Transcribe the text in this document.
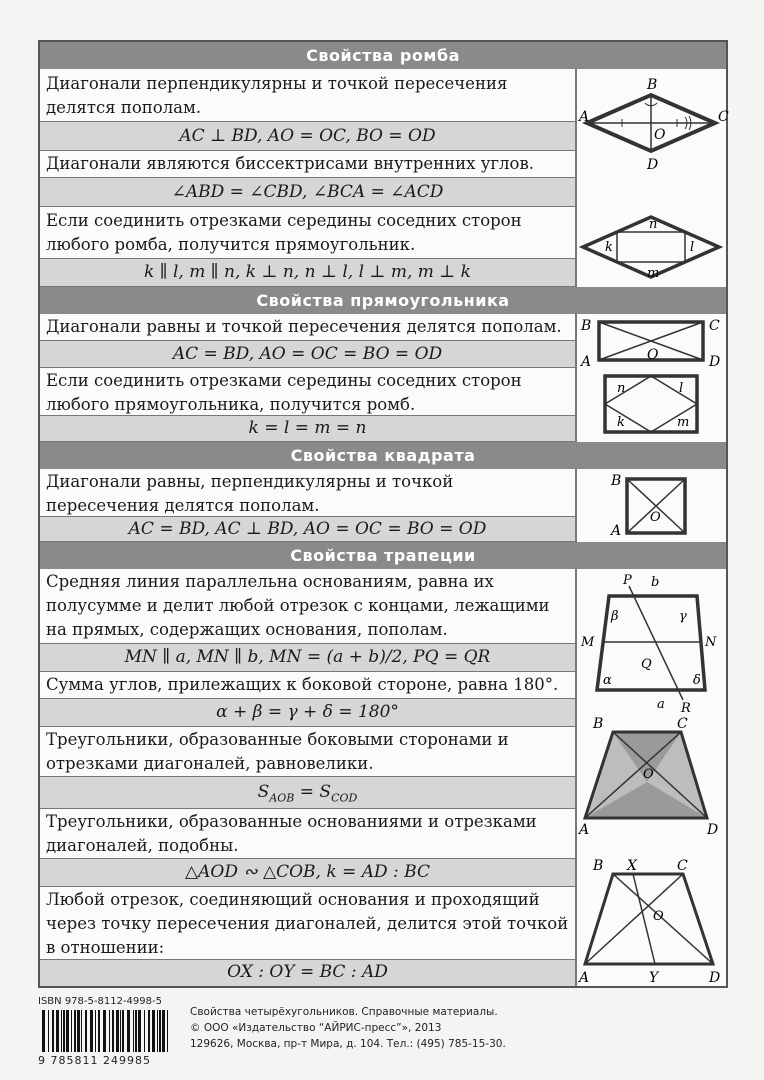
Свойства ромба
Диагонали перпендикулярны и точкой пересечения делятся пополам.
AC ⊥ BD, AO = OC, BO = OD
Диагонали являются биссектрисами внутренних углов.
∠ABD = ∠CBD, ∠BCA = ∠ACD
Если соединить отрезками середины соседних сторон любого ромба, получится прямоугольник.
k ∥ l, m ∥ n, k ⊥ n, n ⊥ l, l ⊥ m, m ⊥ k
A
B
C
D
O
n
k	l
m
Свойства прямоугольника
Диагонали равны и точкой пересечения делятся пополам.
AC = BD, AO = OC = BO = OD
Если соединить отрезками середины соседних сторон любого прямоугольника, получится ромб.
k = l = m = n
B	C
A	D
O
n	l
k	m
Свойства квадрата
Диагонали равны, перпендикулярны и точкой пересечения делятся пополам.
AC = BD, AC ⊥ BD, AO = OC = BO = OD
B
A
O
Свойства трапеции
Средняя линия параллельна основаниям, равна их полусумме и делит любой отрезок с концами, лежащими на прямых, содержащих основания, пополам.
MN ∥ a, MN ∥ b, MN = (a + b)/2, PQ = QR
Сумма углов, прилежащих к боковой стороне, равна 180°.
α + β = γ + δ = 180°
Треугольники, образованные боковыми сторонами и отрезками диагоналей, равновелики.
$S_{AOB} = S_{COD}$
Треугольники, образованные основаниями и отрезками диагоналей, подобны.
△AOD ∾ △COB, k = AD : BC
Любой отрезок, соединяющий основания и проходящий через точку пересечения диагоналей, делится этой точкой в отношении:
OX : OY = BC : AD
P b
M	N
Q
R
a
β	γ
α	δ
B	C
O
A	D
B X	C
O
A	Y	D
ISBN 978-5-8112-4998-5
9 785811 249985
Свойства четырёхугольников. Справочные материалы.
© ООО «Издательство “АЙРИС-пресс”», 2013
129626, Москва, пр-т Мира, д. 104. Тел.: (495) 785-15-30.
